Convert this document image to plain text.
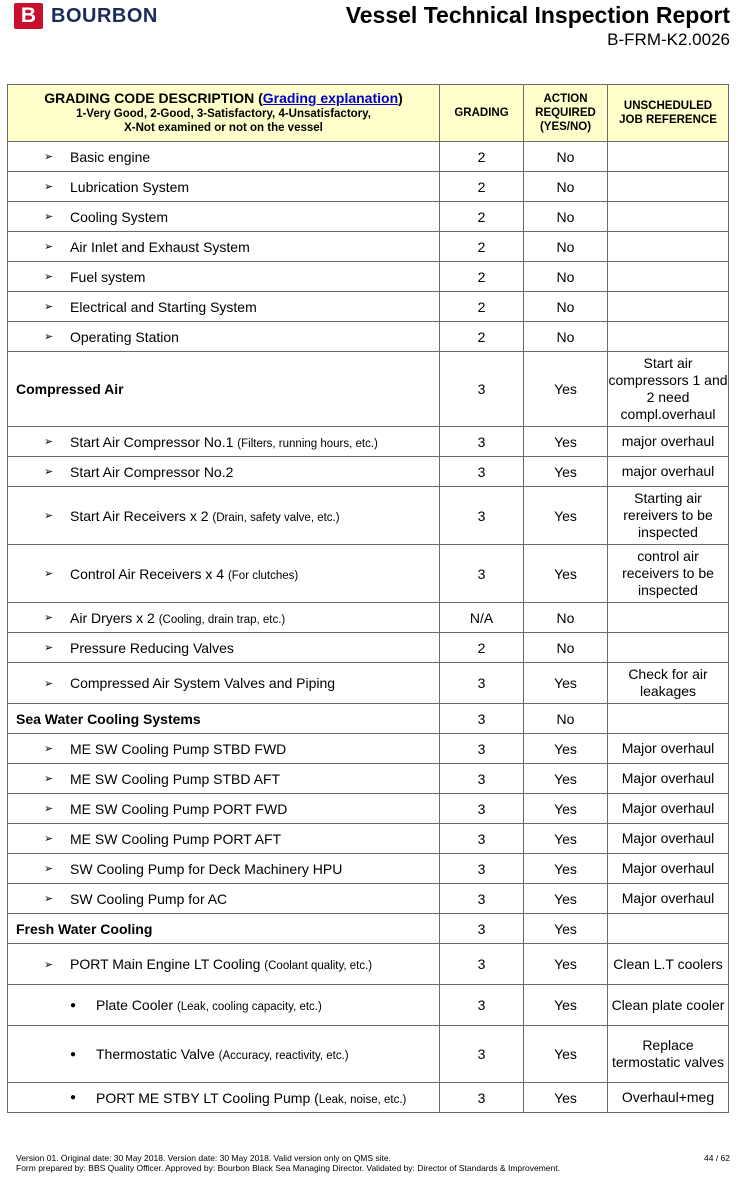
B BOURBON	Vessel Technical Inspection Report
B-FRM-K2.0026
GRADING CODE DESCRIPTION (Grading explanation)
1-Very Good, 2-Good, 3-Satisfactory, 4-Unsatisfactory,
X-Not examined or not on the vessel	GRADING	ACTION
REQUIRED
(YES/NO)	UNSCHEDULED
JOB REFERENCE

➢ Basic engine	2	No	

➢ Lubrication System	2	No	

➢ Cooling System	2	No	

➢ Air Inlet and Exhaust System	2	No	

➢ Fuel system	2	No	

➢ Electrical and Starting System	2	No	

➢ Operating Station	2	No	

Compressed Air	3	Yes	Start air compressors 1 and 2 need compl.overhaul

➢ Start Air Compressor No.1 (Filters, running hours, etc.)	3	Yes	major overhaul

➢ Start Air Compressor No.2	3	Yes	major overhaul

➢ Start Air Receivers x 2 (Drain, safety valve, etc.)	3	Yes	Starting air rereivers to be inspected

➢ Control Air Receivers x 4 (For clutches)	3	Yes	control air receivers to be inspected

➢ Air Dryers x 2 (Cooling, drain trap, etc.)	N/A	No	

➢ Pressure Reducing Valves	2	No	

➢ Compressed Air System Valves and Piping	3	Yes	Check for air leakages

Sea Water Cooling Systems	3	No	

➢ ME SW Cooling Pump STBD FWD	3	Yes	Major overhaul

➢ ME SW Cooling Pump STBD AFT	3	Yes	Major overhaul

➢ ME SW Cooling Pump PORT FWD	3	Yes	Major overhaul

➢ ME SW Cooling Pump PORT AFT	3	Yes	Major overhaul

➢ SW Cooling Pump for Deck Machinery HPU	3	Yes	Major overhaul

➢ SW Cooling Pump for AC	3	Yes	Major overhaul

Fresh Water Cooling	3	Yes	

➢ PORT Main Engine LT Cooling (Coolant quality, etc.)	3	Yes	Clean L.T coolers

● Plate Cooler (Leak, cooling capacity, etc.)	3	Yes	Clean plate cooler

● Thermostatic Valve (Accuracy, reactivity, etc.)	3	Yes	Replace termostatic valves

● PORT ME STBY LT Cooling Pump (Leak, noise, etc.)	3	Yes	Overhaul+meg
Version 01. Original date: 30 May 2018. Version date: 30 May 2018. Valid version only on QMS site.
Form prepared by: BBS Quality Officer. Approved by: Bourbon Black Sea Managing Director. Validated by: Director of Standards & Improvement.
44 / 62
